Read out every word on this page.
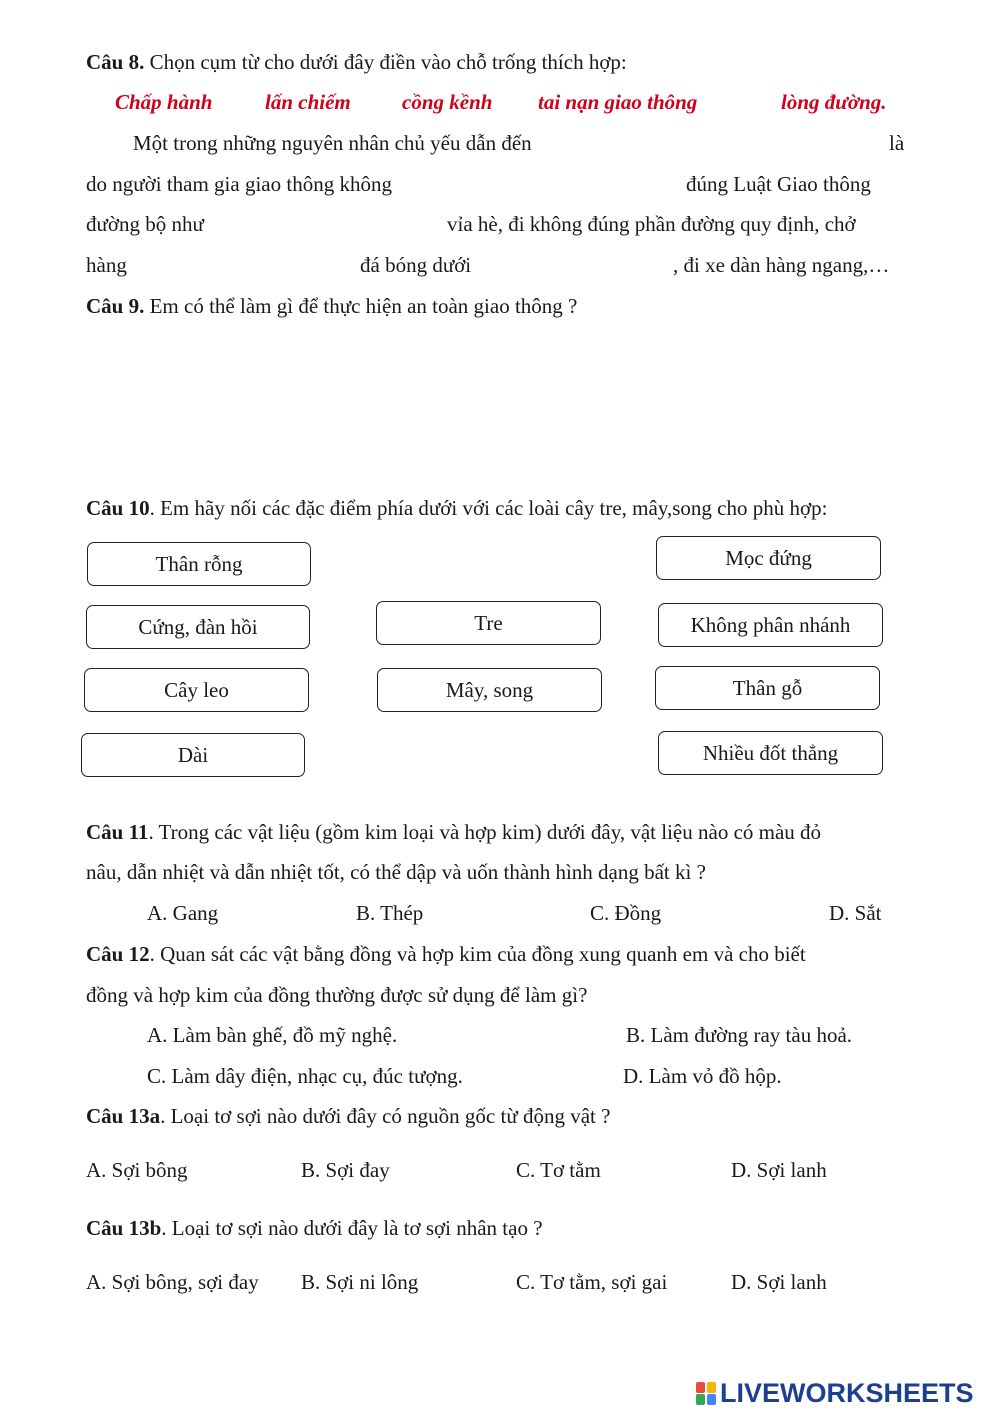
Câu 8. Chọn cụm từ cho dưới đây điền vào chỗ trống thích hợp:
Chấp hành	lấn chiếm cồng kềnh tai nạn giao thông	lòng đường.
Một trong những nguyên nhân chủ yếu dẫn đến	là
do người tham gia giao thông không	đúng Luật Giao thông
đường bộ như	vỉa hè, đi không đúng phần đường quy định, chở
hàng	đá bóng dưới	, đi xe dàn hàng ngang,…
Câu 9. Em có thể làm gì để thực hiện an toàn giao thông ?
Câu 10. Em hãy nối các đặc điểm phía dưới với các loài cây tre, mây,song cho phù hợp:
Thân rỗng
Cứng, đàn hồi
Cây leo
Dài
Tre
Mây, song
Mọc đứng
Không phân nhánh
Thân gỗ
Nhiều đốt thẳng
Câu 11. Trong các vật liệu (gồm kim loại và hợp kim) dưới đây, vật liệu nào có màu đỏ
nâu, dẫn nhiệt và dẫn nhiệt tốt, có thể dập và uốn thành hình dạng bất kì ?
A. Gang	B. Thép	C. Đồng	D. Sắt
Câu 12. Quan sát các vật bằng đồng và hợp kim của đồng xung quanh em và cho biết
đồng và hợp kim của đồng thường được sử dụng để làm gì?
A. Làm bàn ghế, đồ mỹ nghệ.	B. Làm đường ray tàu hoả.
C. Làm dây điện, nhạc cụ, đúc tượng.	D. Làm vỏ đồ hộp.
Câu 13a. Loại tơ sợi nào dưới đây có nguồn gốc từ động vật ?
A. Sợi bông	B. Sợi đay	C. Tơ tằm	D. Sợi lanh
Câu 13b. Loại tơ sợi nào dưới đây là tơ sợi nhân tạo ?
A. Sợi bông, sợi đay B. Sợi ni lông	C. Tơ tằm, sợi gai	D. Sợi lanh
LIVEWORKSHEETS
